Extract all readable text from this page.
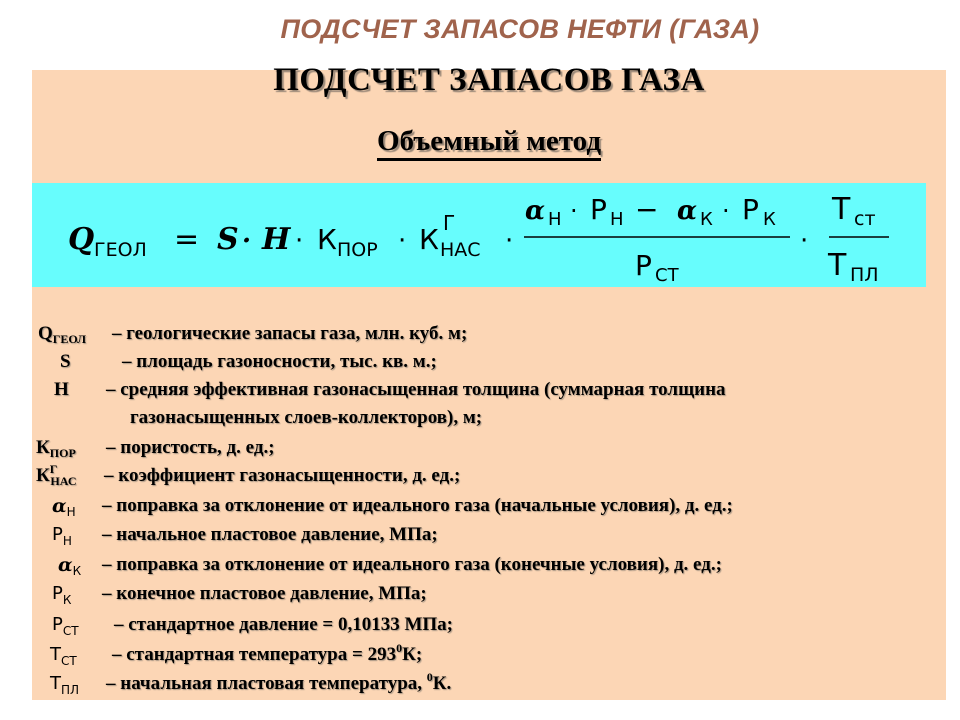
ПОДСЧЕТ ЗАПАСОВ НЕФТИ (ГАЗА)
ПОДСЧЕТ ЗАПАСОВ ГАЗА
Объемный метод
Q ГЕОЛ = S · H · К ПОР · К Г
НАС ·
α Н · Р Н − α К · Р К
Р СТ
·
Т ст
Т ПЛ
$Q_{ГЕОЛ}$ – геологические запасы газа, млн. куб. м;
S	– площадь газоносности, тыс. кв. м.;
H – средняя эффективная газонасыщенная толщина (суммарная толщина
газонасыщенных слоев-коллекторов), м;
$К_{ПОР}$ – пористость, д. ед.;
$К^Г_{НАС}$ – коэффициент газонасыщенности, д. ед.;
$\alpha_Н$ – поправка за отклонение от идеального газа (начальные условия), д. ед.;
$Р_Н$ – начальное пластовое давление, МПа;
$\alpha_К$ – поправка за отклонение от идеального газа (конечные условия), д. ед.;
$Р_К$ – конечное пластовое давление, МПа;
$Р_{СТ}$ – стандартное давление = 0,10133 МПа;
$Т_{СТ}$ – стандартная температура = $293^0К$;
$Т_{ПЛ}$ – начальная пластовая температура, $^0$К.
